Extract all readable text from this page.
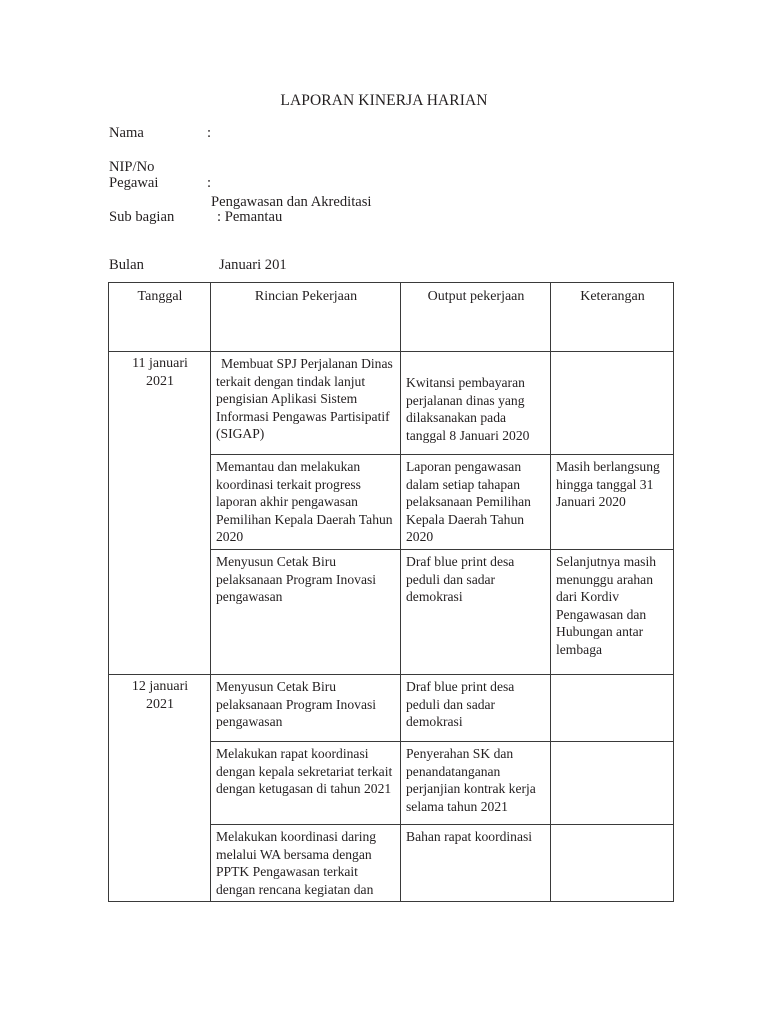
LAPORAN KINERJA HARIAN
Nama	:
NIP/No
Pegawai	:
Pengawasan dan Akreditasi
Sub bagian	: Pemantau
Bulan	Januari 201
Tanggal	Rincian Pekerjaan	Output pekerjaan	Keterangan
11 januari
2021	Membuat SPJ Perjalanan Dinas terkait dengan tindak lanjut pengisian Aplikasi Sistem Informasi Pengawas Partisipatif (SIGAP)	Kwitansi pembayaran perjalanan dinas yang dilaksanakan pada tanggal 8 Januari 2020	
	Memantau dan melakukan koordinasi terkait progress laporan akhir pengawasan Pemilihan Kepala Daerah Tahun 2020	Laporan pengawasan dalam setiap tahapan pelaksanaan Pemilihan Kepala Daerah Tahun 2020	Masih berlangsung hingga tanggal 31 Januari 2020
	Menyusun Cetak Biru pelaksanaan Program Inovasi pengawasan	Draf blue print desa peduli dan sadar demokrasi	Selanjutnya masih menunggu arahan dari Kordiv Pengawasan dan Hubungan antar lembaga
12 januari
2021	Menyusun Cetak Biru pelaksanaan Program Inovasi pengawasan	Draf blue print desa peduli dan sadar demokrasi	
	Melakukan rapat koordinasi dengan kepala sekretariat terkait dengan ketugasan di tahun 2021	Penyerahan SK dan penandatanganan perjanjian kontrak kerja selama tahun 2021	
	Melakukan koordinasi daring melalui WA bersama dengan PPTK Pengawasan terkait dengan rencana kegiatan dan	Bahan rapat koordinasi	
